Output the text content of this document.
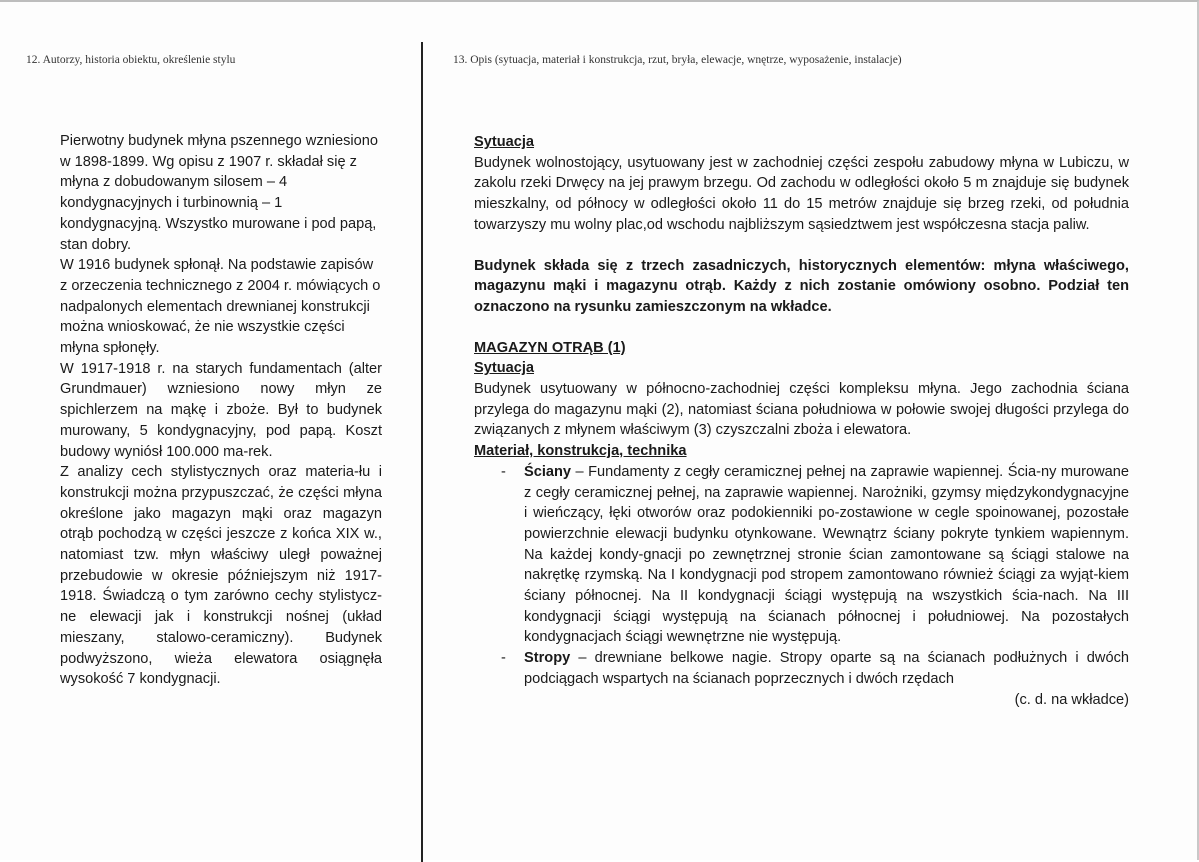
12. Autorzy, historia obiektu, określenie stylu	13. Opis (sytuacja, materiał i konstrukcja, rzut, bryła, elewacje, wnętrze, wyposażenie, instalacje)

Pierwotny budynek młyna pszennego wzniesiono w 1898-1899. Wg opisu z 1907 r. składał się z młyna z dobudowanym silosem – 4 kondygnacyjnych i turbinownią – 1 kondygnacyjną. Wszystko murowane i pod papą, stan dobry.

W 1916 budynek spłonął. Na podstawie zapisów z orzeczenia technicznego z 2004 r. mówiących o nadpalonych elementach drewnianej konstrukcji można wnioskować, że nie wszystkie części młyna spłonęły.

W 1917-1918 r. na starych fundamentach (alter Grundmauer) wzniesiono nowy młyn ze spichlerzem na mąkę i zboże. Był to budynek murowany, 5 kondygnacyjny, pod papą. Koszt budowy wyniósł 100.000 ma-rek.

Z analizy cech stylistycznych oraz materia-łu i konstrukcji można przypuszczać, że części młyna określone jako magazyn mąki oraz magazyn otrąb pochodzą w części jeszcze z końca XIX w., natomiast tzw. młyn właściwy uległ poważnej przebudowie w okresie późniejszym niż 1917-1918. Świadczą o tym zarówno cechy stylistycz-ne elewacji jak i konstrukcji nośnej (układ mieszany, stalowo-ceramiczny). Budynek podwyższono, wieża elewatora osiągnęła wysokość 7 kondygnacji.

Sytuacja

Budynek wolnostojący, usytuowany jest w zachodniej części zespołu zabudowy młyna w Lubiczu, w zakolu rzeki Drwęcy na jej prawym brzegu. Od zachodu w odległości około 5 m znajduje się budynek mieszkalny, od północy w odległości około 11 do 15 metrów znajduje się brzeg rzeki, od południa towarzyszy mu wolny plac,od wschodu najbliższym sąsiedztwem jest współczesna stacja paliw.

Budynek składa się z trzech zasadniczych, historycznych elementów: młyna właściwego, magazynu mąki i magazynu otrąb. Każdy z nich zostanie omówiony osobno. Podział ten oznaczono na rysunku zamieszczonym na wkładce.

MAGAZYN OTRĄB (1)

Sytuacja

Budynek usytuowany w północno-zachodniej części kompleksu młyna. Jego zachodnia ściana przylega do magazynu mąki (2), natomiast ściana południowa w połowie swojej długości przylega do związanych z młynem właściwym (3) czyszczalni zboża i elewatora.

Materiał, konstrukcja, technika

- Ściany – Fundamenty z cegły ceramicznej pełnej na zaprawie wapiennej. Ścia-ny murowane z cegły ceramicznej pełnej, na zaprawie wapiennej. Narożniki, gzymsy międzykondygnacyjne i wieńczący, łęki otworów oraz podokienniki po-zostawione w cegle spoinowanej, pozostałe powierzchnie elewacji budynku otynkowane. Wewnątrz ściany pokryte tynkiem wapiennym. Na każdej kondy-gnacji po zewnętrznej stronie ścian zamontowane są ściągi stalowe na nakrętkę rzymską. Na I kondygnacji pod stropem zamontowano również ściągi za wyjąt-kiem ściany północnej. Na II kondygnacji ściągi występują na wszystkich ścia-nach. Na III kondygnacji ściągi występują na ścianach północnej i południowej. Na pozostałych kondygnacjach ściągi wewnętrzne nie występują.
- Stropy – drewniane belkowe nagie. Stropy oparte są na ścianach podłużnych i dwóch podciągach wspartych na ścianach poprzecznych i dwóch rzędach

(c. d. na wkładce)
